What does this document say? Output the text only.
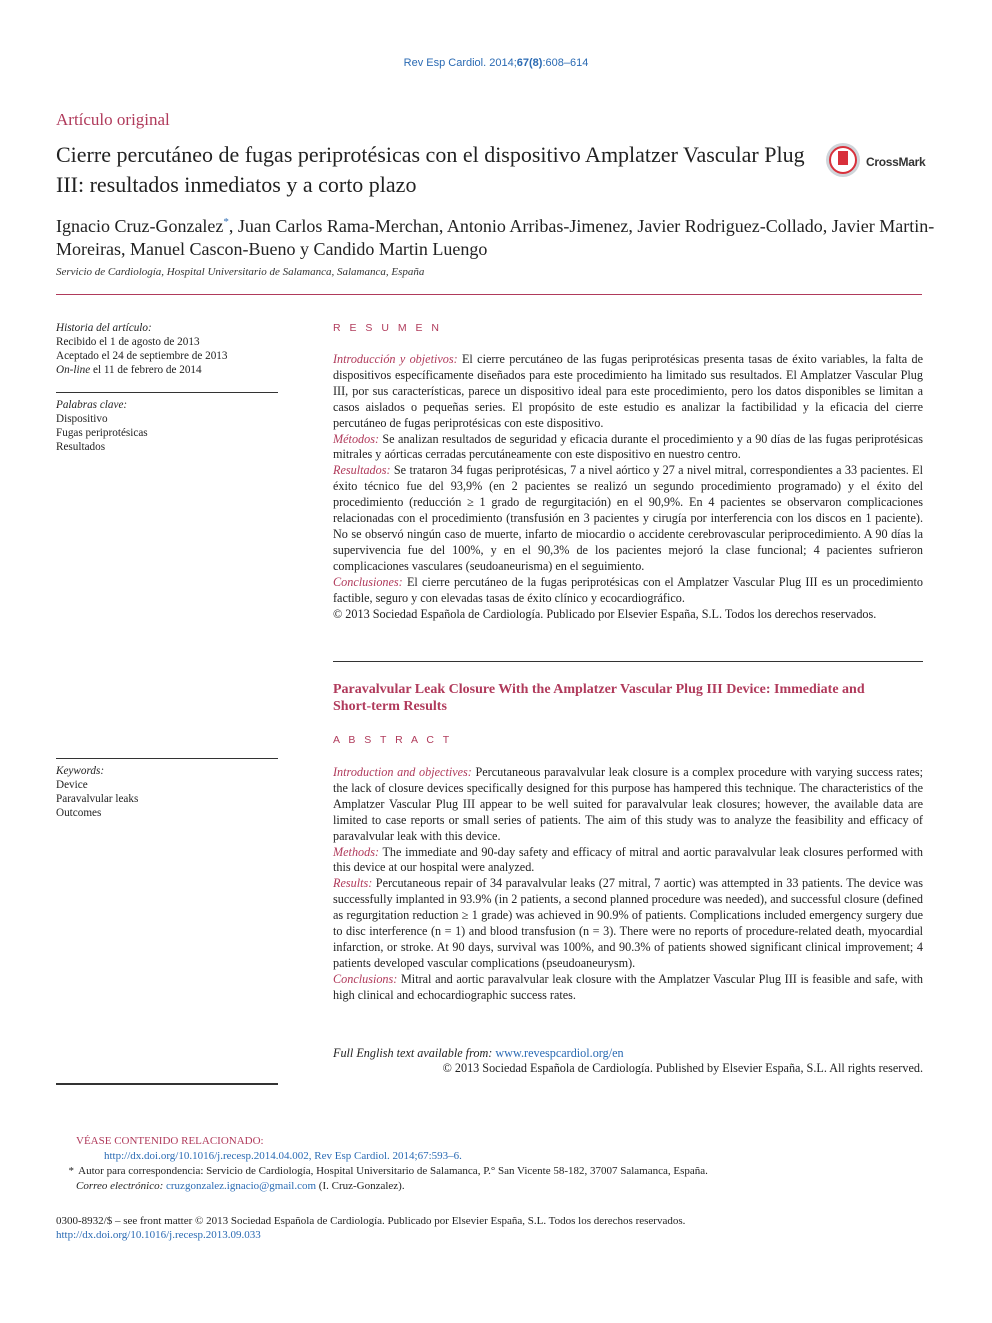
Rev Esp Cardiol. 2014;67(8):608–614
Artículo original
Cierre percutáneo de fugas periprotésicas con el dispositivo Amplatzer Vascular Plug III: resultados inmediatos y a corto plazo
CrossMark
Ignacio Cruz-Gonzalez*, Juan Carlos Rama-Merchan, Antonio Arribas-Jimenez, Javier Rodriguez-Collado, Javier Martin-Moreiras, Manuel Cascon-Bueno y Candido Martin Luengo
Servicio de Cardiología, Hospital Universitario de Salamanca, Salamanca, España
Historia del artículo:
Recibido el 1 de agosto de 2013
Aceptado el 24 de septiembre de 2013
On-line el 11 de febrero de 2014
Palabras clave:
Dispositivo
Fugas periprotésicas
Resultados
R E S U M E N

Introducción y objetivos: El cierre percutáneo de las fugas periprotésicas presenta tasas de éxito variables, la falta de dispositivos específicamente diseñados para este procedimiento ha limitado sus resultados. El Amplatzer Vascular Plug III, por sus características, parece un dispositivo ideal para este procedimiento, pero los datos disponibles se limitan a casos aislados o pequeñas series. El propósito de este estudio es analizar la factibilidad y la eficacia del cierre percutáneo de fugas periprotésicas con este dispositivo.

Métodos: Se analizan resultados de seguridad y eficacia durante el procedimiento y a 90 días de las fugas periprotésicas mitrales y aórticas cerradas percutáneamente con este dispositivo en nuestro centro.

Resultados: Se trataron 34 fugas periprotésicas, 7 a nivel aórtico y 27 a nivel mitral, correspondientes a 33 pacientes. El éxito técnico fue del 93,9% (en 2 pacientes se realizó un segundo procedimiento programado) y el éxito del procedimiento (reducción ≥ 1 grado de regurgitación) en el 90,9%. En 4 pacientes se observaron complicaciones relacionadas con el procedimiento (transfusión en 3 pacientes y cirugía por interferencia con los discos en 1 paciente). No se observó ningún caso de muerte, infarto de miocardio o accidente cerebrovascular periprocedimiento. A 90 días la supervivencia fue del 100%, y en el 90,3% de los pacientes mejoró la clase funcional; 4 pacientes sufrieron complicaciones vasculares (seudoaneurisma) en el seguimiento.

Conclusiones: El cierre percutáneo de la fugas periprotésicas con el Amplatzer Vascular Plug III es un procedimiento factible, seguro y con elevadas tasas de éxito clínico y ecocardiográfico.

© 2013 Sociedad Española de Cardiología. Publicado por Elsevier España, S.L. Todos los derechos reservados.

Paravalvular Leak Closure With the Amplatzer Vascular Plug III Device: Immediate and Short-term Results
A B S T R A C T
Keywords:
Device
Paravalvular leaks
Outcomes

Introduction and objectives: Percutaneous paravalvular leak closure is a complex procedure with varying success rates; the lack of closure devices specifically designed for this purpose has hampered this technique. The characteristics of the Amplatzer Vascular Plug III appear to be well suited for paravalvular leak closures; however, the available data are limited to case reports or small series of patients. The aim of this study was to analyze the feasibility and efficacy of paravalvular leak with this device.

Methods: The immediate and 90-day safety and efficacy of mitral and aortic paravalvular leak closures performed with this device at our hospital were analyzed.

Results: Percutaneous repair of 34 paravalvular leaks (27 mitral, 7 aortic) was attempted in 33 patients. The device was successfully implanted in 93.9% (in 2 patients, a second planned procedure was needed), and successful closure (defined as regurgitation reduction ≥ 1 grade) was achieved in 90.9% of patients. Complications included emergency surgery due to disc interference (n = 1) and blood transfusion (n = 3). There were no reports of procedure-related death, myocardial infarction, or stroke. At 90 days, survival was 100%, and 90.3% of patients showed significant clinical improvement; 4 patients developed vascular complications (pseudoaneurysm).

Conclusions: Mitral and aortic paravalvular leak closure with the Amplatzer Vascular Plug III is feasible and safe, with high clinical and echocardiographic success rates.

Full English text available from: www.revespcardiol.org/en
© 2013 Sociedad Española de Cardiología. Published by Elsevier España, S.L. All rights reserved.
VÉASE CONTENIDO RELACIONADO:
http://dx.doi.org/10.1016/j.recesp.2014.04.002, Rev Esp Cardiol. 2014;67:593–6.
* Autor para correspondencia: Servicio de Cardiología, Hospital Universitario de Salamanca, P.° San Vicente 58-182, 37007 Salamanca, España.
Correo electrónico: cruzgonzalez.ignacio@gmail.com (I. Cruz-Gonzalez).
0300-8932/$ – see front matter © 2013 Sociedad Española de Cardiología. Publicado por Elsevier España, S.L. Todos los derechos reservados.
http://dx.doi.org/10.1016/j.recesp.2013.09.033
